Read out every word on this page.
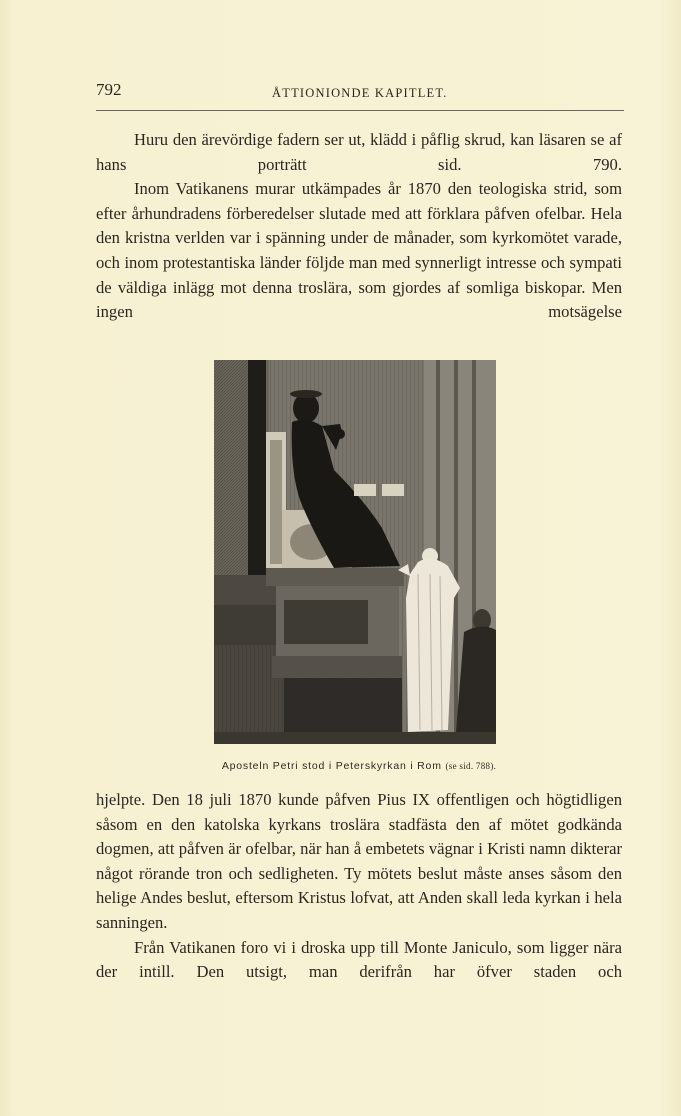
792	ÅTTIONIONDE KAPITLET.

Huru den ärevördige fadern ser ut, klädd i påflig skrud, kan läsaren se af hans porträtt sid. 790.

Inom Vatikanens murar utkämpades år 1870 den teologiska strid, som efter århundradens förberedelser slutade med att förklara påfven ofelbar. Hela den kristna verlden var i spänning under de månader, som kyrkomötet varade, och inom protestantiska länder följde man med synnerligt intresse och sympati de väldiga inlägg mot denna troslära, som gjordes af somliga biskopar. Men ingen motsägelse

Aposteln Petri stod i Peterskyrkan i Rom (se sid. 788).

hjelpte. Den 18 juli 1870 kunde påfven Pius IX offentligen och högtidligen såsom en den katolska kyrkans troslära stadfästa den af mötet godkända dogmen, att påfven är ofelbar, när han å embetets vägnar i Kristi namn dikterar något rörande tron och sedligheten. Ty mötets beslut måste anses såsom den helige Andes beslut, eftersom Kristus lofvat, att Anden skall leda kyrkan i hela sanningen.

Från Vatikanen foro vi i droska upp till Monte Janiculo, som ligger nära der intill. Den utsigt, man derifrån har öfver staden och
